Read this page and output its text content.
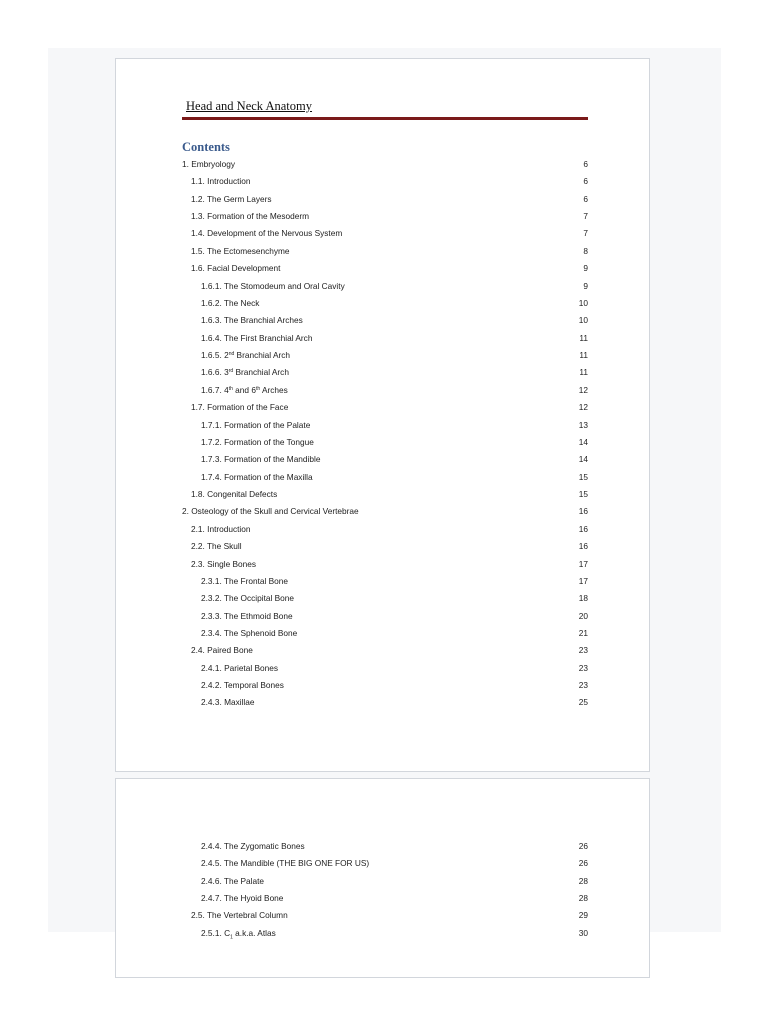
Head and Neck Anatomy
Contents
1. Embryology	6
1.1. Introduction	6
1.2. The Germ Layers	6
1.3. Formation of the Mesoderm	7
1.4. Development of the Nervous System	7
1.5. The Ectomesenchyme	8
1.6. Facial Development	9
1.6.1. The Stomodeum and Oral Cavity	9
1.6.2. The Neck	10
1.6.3. The Branchial Arches	10
1.6.4. The First Branchial Arch	11
1.6.5. 2nd Branchial Arch	11
1.6.6. 3rd Branchial Arch	11
1.6.7. 4th and 6th Arches	12
1.7. Formation of the Face	12
1.7.1. Formation of the Palate	13
1.7.2. Formation of the Tongue	14
1.7.3. Formation of the Mandible	14
1.7.4. Formation of the Maxilla	15
1.8. Congenital Defects	15
2. Osteology of the Skull and Cervical Vertebrae	16
2.1. Introduction	16
2.2. The Skull	16
2.3. Single Bones	17
2.3.1. The Frontal Bone	17
2.3.2. The Occipital Bone	18
2.3.3. The Ethmoid Bone	20
2.3.4. The Sphenoid Bone	21
2.4. Paired Bone	23
2.4.1. Parietal Bones	23
2.4.2. Temporal Bones	23
2.4.3. Maxillae	25
2.4.4. The Zygomatic Bones	26
2.4.5. The Mandible (THE BIG ONE FOR US)	26
2.4.6. The Palate	28
2.4.7. The Hyoid Bone	28
2.5. The Vertebral Column	29
2.5.1. $C_1$ a.k.a. Atlas	30
